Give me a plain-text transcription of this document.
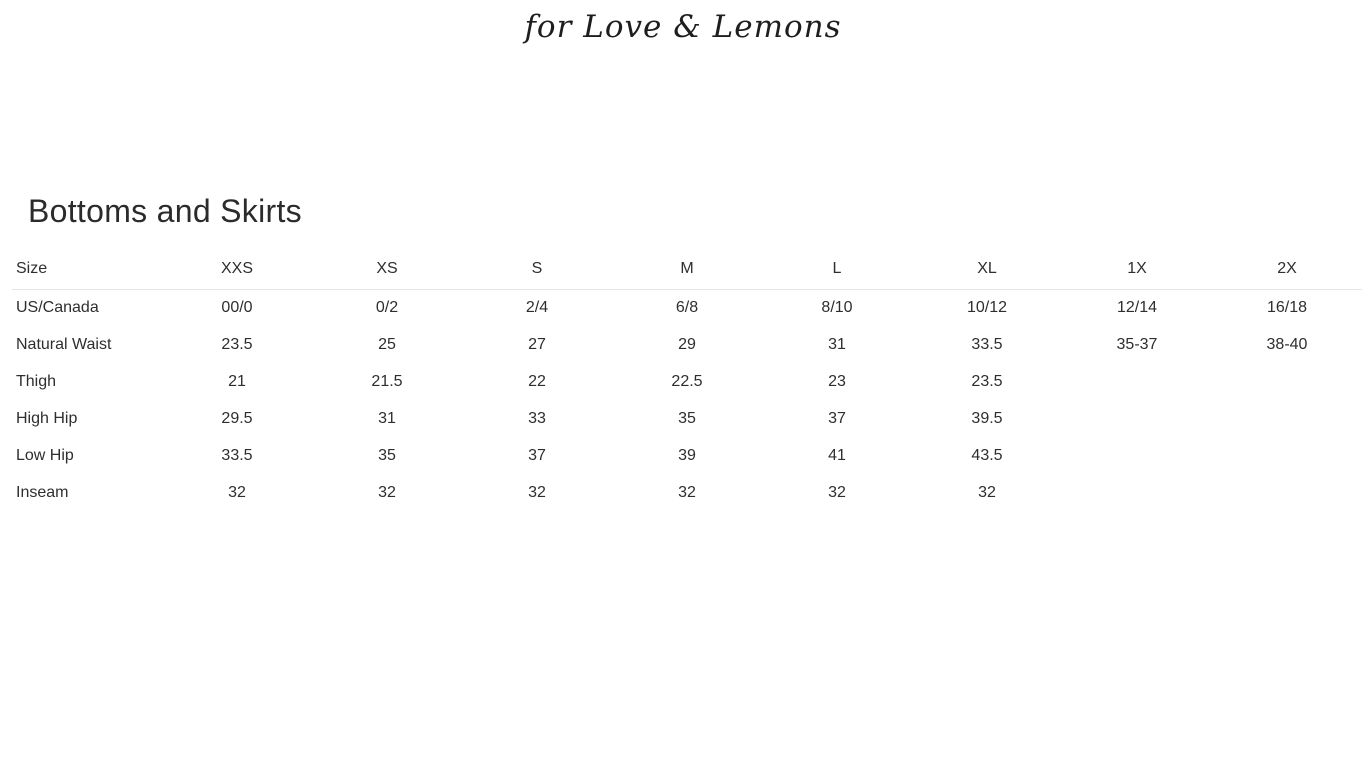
for Love & Lemons
Bottoms and Skirts
Size	XXS	XS	S	M	L	XL	1X	2X
US/Canada	00/0	0/2	2/4	6/8	8/10	10/12	12/14	16/18
Natural Waist	23.5	25	27	29	31	33.5	35-37	38-40
Thigh	21	21.5	22	22.5	23	23.5		
High Hip	29.5	31	33	35	37	39.5		
Low Hip	33.5	35	37	39	41	43.5		
Inseam	32	32	32	32	32	32		
